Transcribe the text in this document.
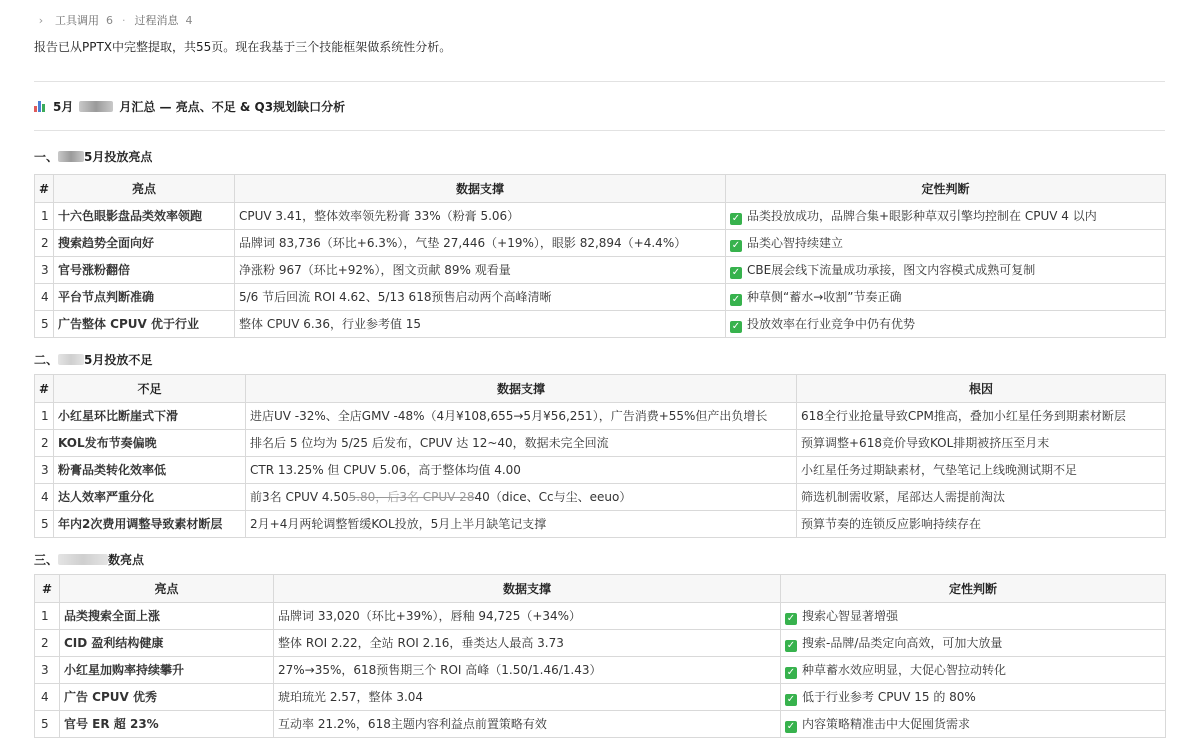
›	工具调用 6 · 过程消息 4

报告已从PPTX中完整提取，共55页。现在我基于三个技能框架做系统性分析。

5月	月汇总 — 亮点、不足 & Q3规划缺口分析
一、 5月投放亮点
#	亮点	数据支撑	定性判断
1	十六色眼影盘品类效率领跑	CPUV 3.41，整体效率领先粉膏 33%（粉膏 5.06）	✓ 品类投放成功，品牌合集+眼影种草双引擎均控制在 CPUV 4 以内
2	搜索趋势全面向好	品牌词 83,736（环比+6.3%），气垫 27,446（+19%），眼影 82,894（+4.4%）	✓ 品类心智持续建立
3	官号涨粉翻倍	净涨粉 967（环比+92%），图文贡献 89% 观看量	✓ CBE展会线下流量成功承接，图文内容模式成熟可复制
4	平台节点判断准确	5/6 节后回流 ROI 4.62、5/13 618预售启动两个高峰清晰	✓ 种草侧“蓄水→收割”节奏正确
5	广告整体 CPUV 优于行业	整体 CPUV 6.36，行业参考值 15	✓ 投放效率在行业竞争中仍有优势
二、 5月投放不足
#	不足	数据支撑	根因
1	小红星环比断崖式下滑	进店UV -32%、全店GMV -48%（4月¥108,655→5月¥56,251），广告消费+55%但产出负增长	618全行业抢量导致CPM推高，叠加小红星任务到期素材断层
2	KOL发布节奏偏晚	排名后 5 位均为 5/25 后发布，CPUV 达 12~40，数据未完全回流	预算调整+618竞价导致KOL排期被挤压至月末
3	粉膏品类转化效率低	CTR 13.25% 但 CPUV 5.06，高于整体均值 4.00	小红星任务过期缺素材，气垫笔记上线晚测试期不足
4	达人效率严重分化	前3名 CPUV 4.505.80，后3名 CPUV 2840（dice、Cc与尘、eeuo）	筛选机制需收紧，尾部达人需提前淘汰
5	年内2次费用调整导致素材断层	2月+4月两轮调整暂缓KOL投放，5月上半月缺笔记支撑	预算节奏的连锁反应影响持续存在
三、	数亮点
#	亮点	数据支撑	定性判断
1	品类搜索全面上涨	品牌词 33,020（环比+39%），唇釉 94,725（+34%）	✓ 搜索心智显著增强
2	CID 盈利结构健康	整体 ROI 2.22，全站 ROI 2.16，垂类达人最高 3.73	✓ 搜索-品牌/品类定向高效，可加大放量
3	小红星加购率持续攀升	27%→35%，618预售期三个 ROI 高峰（1.50/1.46/1.43）	✓ 种草蓄水效应明显，大促心智拉动转化
4	广告 CPUV 优秀	琥珀琉光 2.57，整体 3.04	✓ 低于行业参考 CPUV 15 的 80%
5	官号 ER 超 23%	互动率 21.2%，618主题内容利益点前置策略有效	✓ 内容策略精准击中大促囤货需求
